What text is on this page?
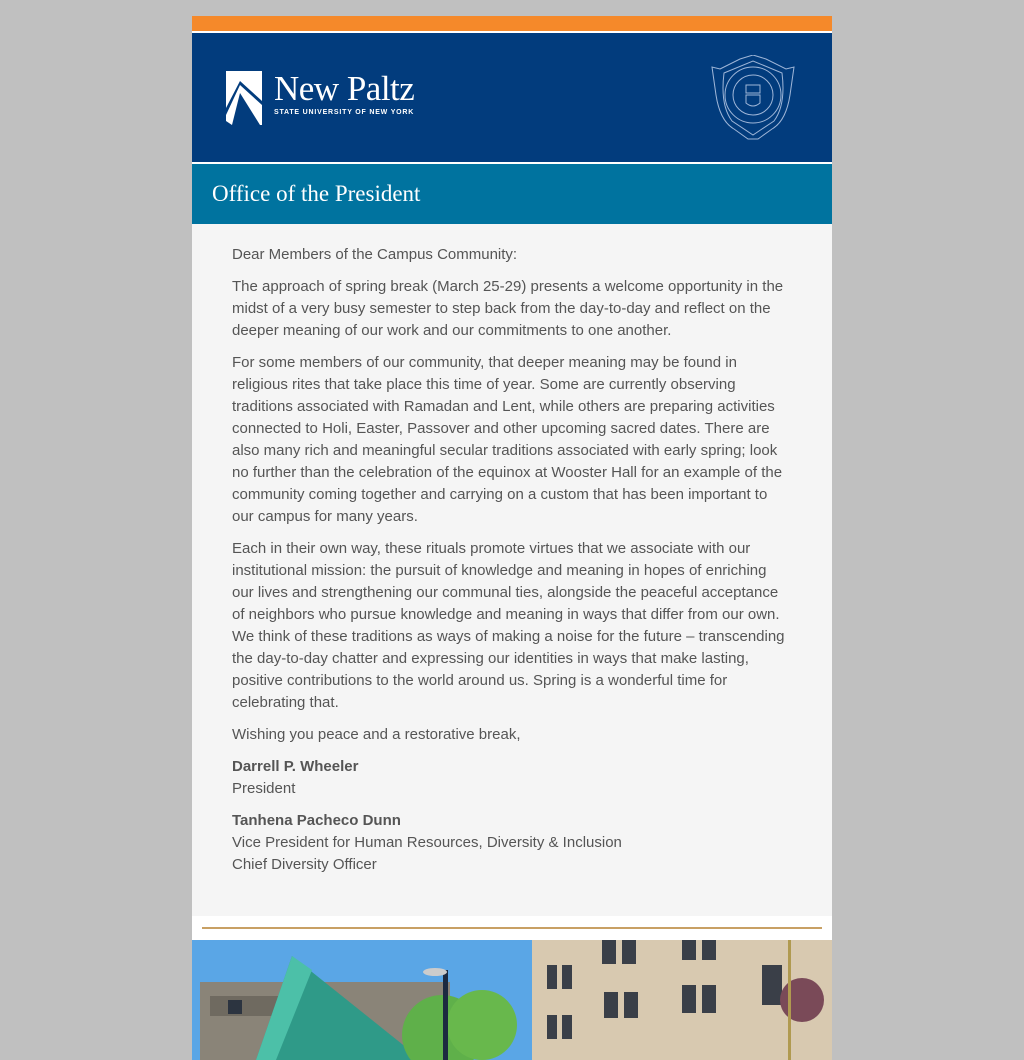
New Paltz
STATE UNIVERSITY OF NEW YORK
Office of the President

Dear Members of the Campus Community:

The approach of spring break (March 25-29) presents a welcome opportunity in the midst of a very busy semester to step back from the day-to-day and reflect on the deeper meaning of our work and our commitments to one another.

For some members of our community, that deeper meaning may be found in religious rites that take place this time of year. Some are currently observing traditions associated with Ramadan and Lent, while others are preparing activities connected to Holi, Easter, Passover and other upcoming sacred dates. There are also many rich and meaningful secular traditions associated with early spring; look no further than the celebration of the equinox at Wooster Hall for an example of the community coming together and carrying on a custom that has been important to our campus for many years.

Each in their own way, these rituals promote virtues that we associate with our institutional mission: the pursuit of knowledge and meaning in hopes of enriching our lives and strengthening our communal ties, alongside the peaceful acceptance of neighbors who pursue knowledge and meaning in ways that differ from our own. We think of these traditions as ways of making a noise for the future – transcending the day-to-day chatter and expressing our identities in ways that make lasting, positive contributions to the world around us. Spring is a wonderful time for celebrating that.

Wishing you peace and a restorative break,

Darrell P. Wheeler
President

Tanhena Pacheco Dunn
Vice President for Human Resources, Diversity & Inclusion
Chief Diversity Officer
